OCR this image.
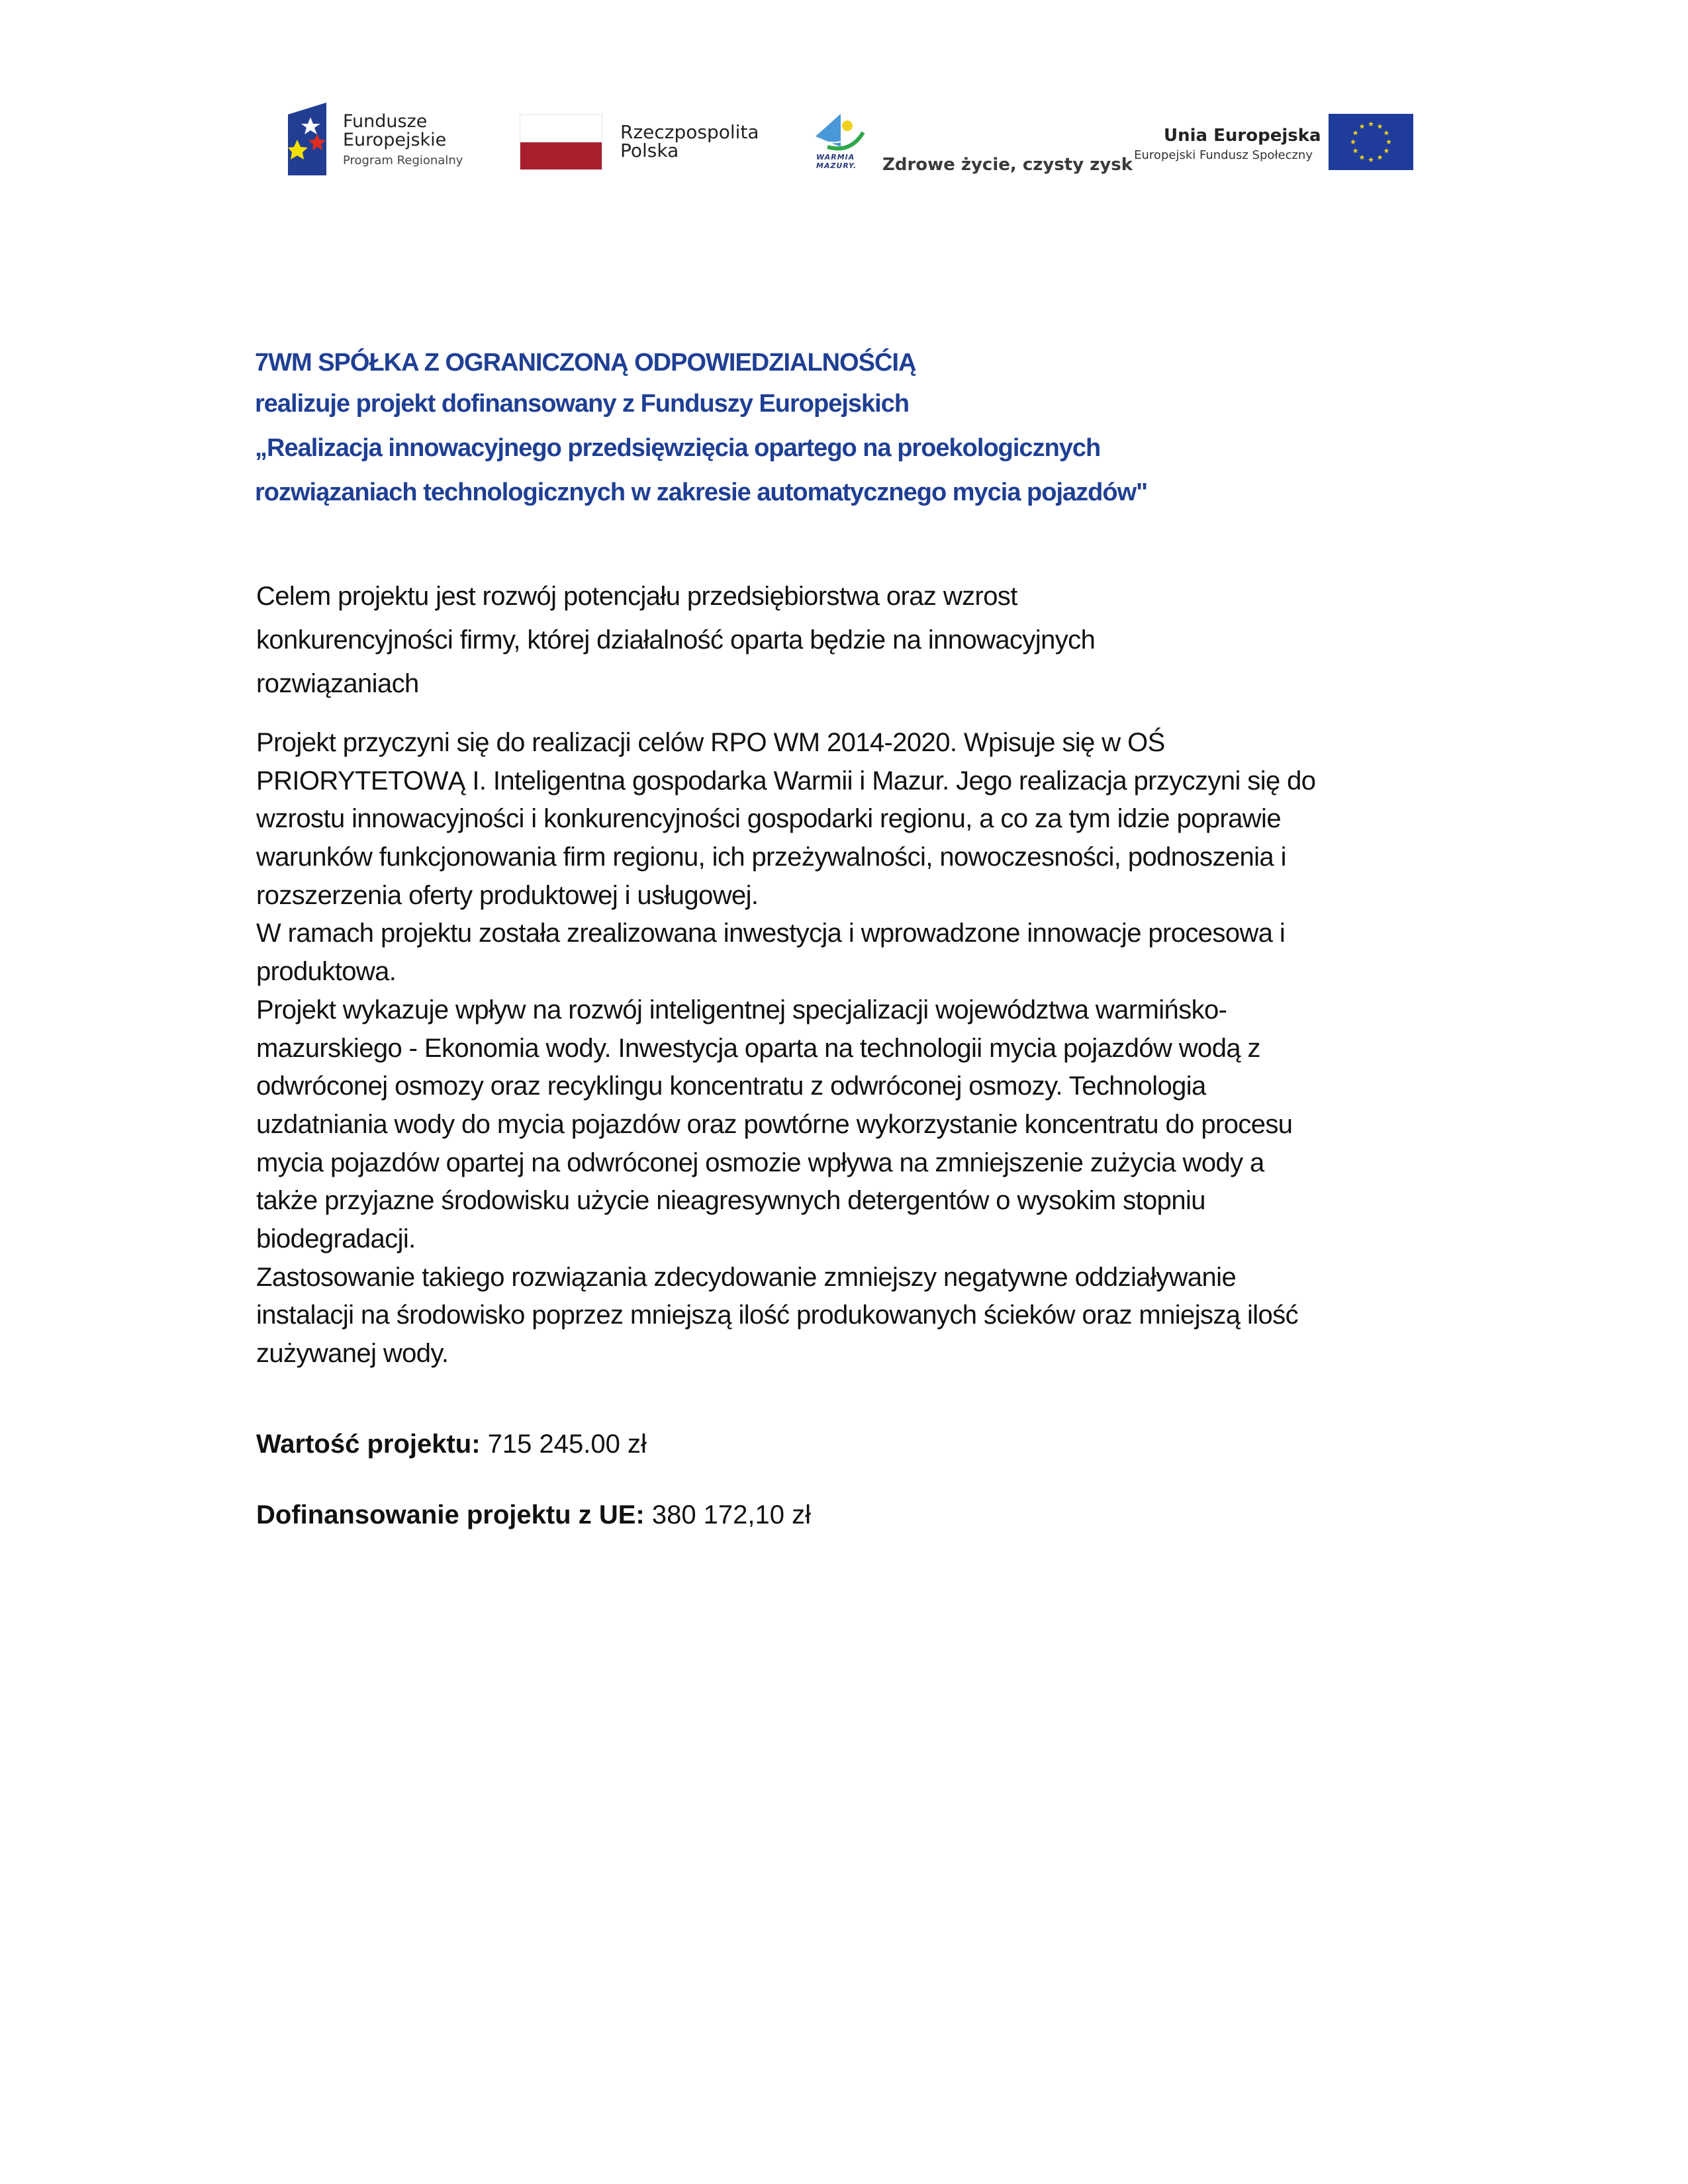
Fundusze
Europejskie
Program Regionalny
Rzeczpospolita
Polska	WARMIA
MAZURY. Zdrowe życie, czysty zysk
Unia Europejska
Europejski Fundusz Społeczny
7WM SPÓŁKA Z OGRANICZONĄ ODPOWIEDZIALNOŚĆIĄ
realizuje projekt dofinansowany z Funduszy Europejskich
„Realizacja innowacyjnego przedsięwzięcia opartego na proekologicznych
rozwiązaniach technologicznych w zakresie automatycznego mycia pojazdów"
Celem projektu jest rozwój potencjału przedsiębiorstwa oraz wzrost
konkurencyjności firmy, której działalność oparta będzie na innowacyjnych
rozwiązaniach
Projekt przyczyni się do realizacji celów RPO WM 2014-2020. Wpisuje się w OŚ
PRIORYTETOWĄ I. Inteligentna gospodarka Warmii i Mazur. Jego realizacja przyczyni się do
wzrostu innowacyjności i konkurencyjności gospodarki regionu, a co za tym idzie poprawie
warunków funkcjonowania firm regionu, ich przeżywalności, nowoczesności, podnoszenia i
rozszerzenia oferty produktowej i usługowej.
W ramach projektu została zrealizowana inwestycja i wprowadzone innowacje procesowa i
produktowa.
Projekt wykazuje wpływ na rozwój inteligentnej specjalizacji województwa warmińsko-
mazurskiego - Ekonomia wody. Inwestycja oparta na technologii mycia pojazdów wodą z
odwróconej osmozy oraz recyklingu koncentratu z odwróconej osmozy. Technologia
uzdatniania wody do mycia pojazdów oraz powtórne wykorzystanie koncentratu do procesu
mycia pojazdów opartej na odwróconej osmozie wpływa na zmniejszenie zużycia wody a
także przyjazne środowisku użycie nieagresywnych detergentów o wysokim stopniu
biodegradacji.
Zastosowanie takiego rozwiązania zdecydowanie zmniejszy negatywne oddziaływanie
instalacji na środowisko poprzez mniejszą ilość produkowanych ścieków oraz mniejszą ilość
zużywanej wody.
Wartość projektu: 715 245.00 zł
Dofinansowanie projektu z UE: 380 172,10 zł
